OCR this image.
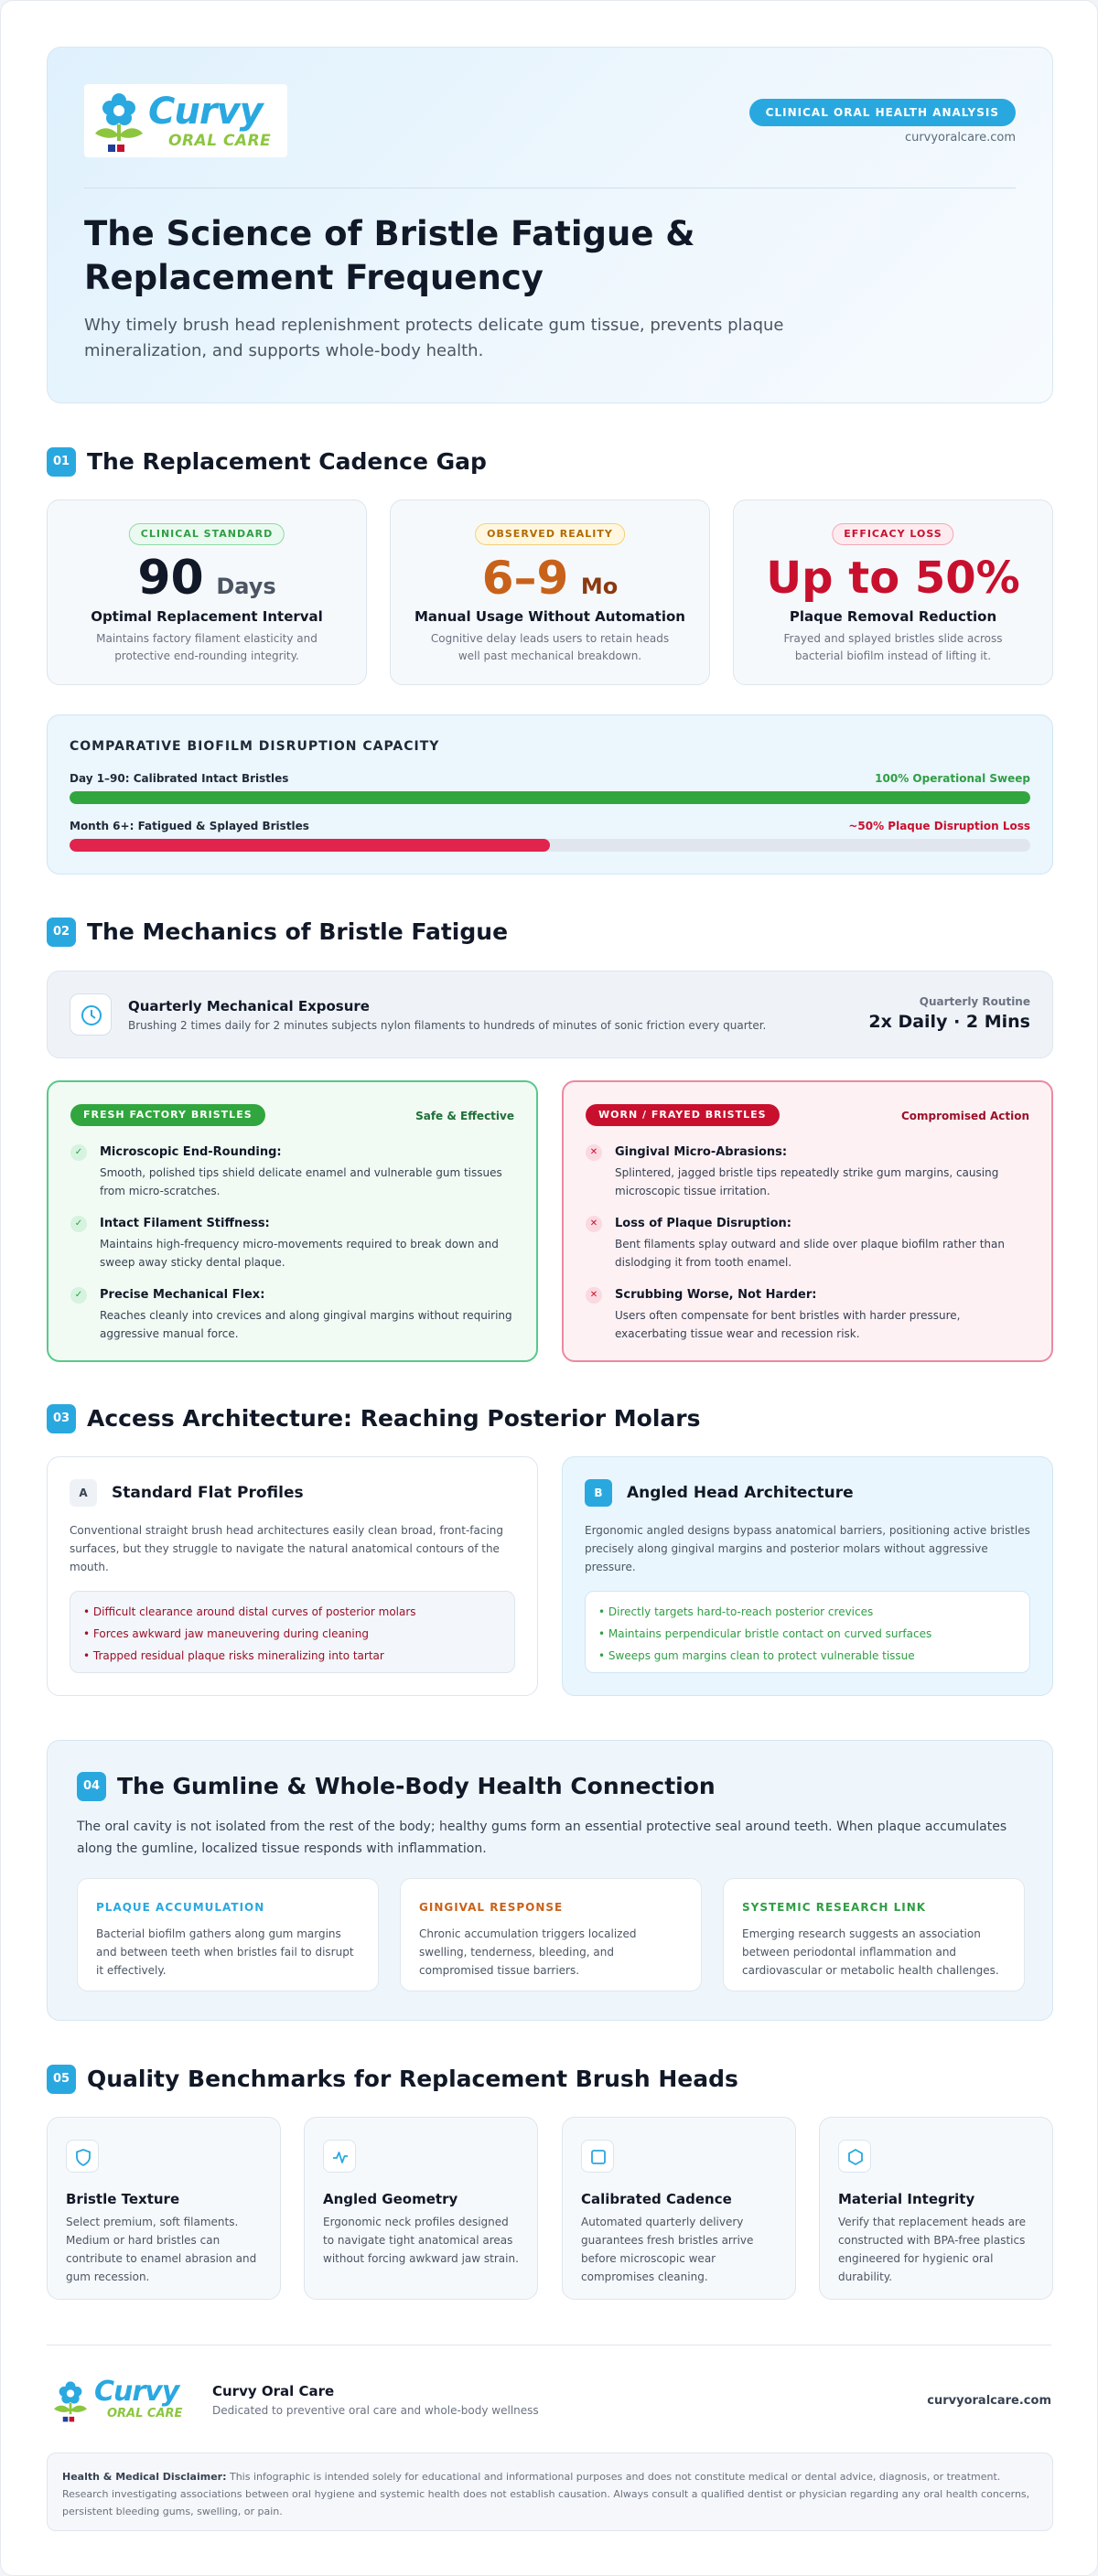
Curvy
ORAL CARE
CLINICAL ORAL HEALTH ANALYSIS
curvyoralcare.com
The Science of Bristle Fatigue & Replacement Frequency
Why timely brush head replenishment protects delicate gum tissue, prevents plaque mineralization, and supports whole-body health.
01 The Replacement Cadence Gap
CLINICAL STANDARD
90 Days
Optimal Replacement Interval
Maintains factory filament elasticity and protective end-rounding integrity.
OBSERVED REALITY
6–9 Mo
Manual Usage Without Automation
Cognitive delay leads users to retain heads well past mechanical breakdown.
EFFICACY LOSS
Up to 50%
Plaque Removal Reduction
Frayed and splayed bristles slide across bacterial biofilm instead of lifting it.
COMPARATIVE BIOFILM DISRUPTION CAPACITY
Day 1–90: Calibrated Intact Bristles	100% Operational Sweep
Month 6+: Fatigued & Splayed Bristles	~50% Plaque Disruption Loss
02 The Mechanics of Bristle Fatigue
Quarterly Mechanical Exposure
Brushing 2 times daily for 2 minutes subjects nylon filaments to hundreds of minutes of sonic friction every quarter.
Quarterly Routine
2x Daily · 2 Mins
FRESH FACTORY BRISTLES	Safe & Effective
✓	Microscopic End-Rounding:
Smooth, polished tips shield delicate enamel and vulnerable gum tissues from micro-scratches.
✓	Intact Filament Stiffness:
Maintains high-frequency micro-movements required to break down and sweep away sticky dental plaque.
✓	Precise Mechanical Flex:
Reaches cleanly into crevices and along gingival margins without requiring aggressive manual force.
WORN / FRAYED BRISTLES	Compromised Action
✕	Gingival Micro-Abrasions:
Splintered, jagged bristle tips repeatedly strike gum margins, causing microscopic tissue irritation.
✕	Loss of Plaque Disruption:
Bent filaments splay outward and slide over plaque biofilm rather than dislodging it from tooth enamel.
✕	Scrubbing Worse, Not Harder:
Users often compensate for bent bristles with harder pressure, exacerbating tissue wear and recession risk.
03 Access Architecture: Reaching Posterior Molars
A	Standard Flat Profiles
Conventional straight brush head architectures easily clean broad, front-facing surfaces, but they struggle to navigate the natural anatomical contours of the mouth.
• Difficult clearance around distal curves of posterior molars
• Forces awkward jaw maneuvering during cleaning
• Trapped residual plaque risks mineralizing into tartar
B	Angled Head Architecture
Ergonomic angled designs bypass anatomical barriers, positioning active bristles precisely along gingival margins and posterior molars without aggressive pressure.
• Directly targets hard-to-reach posterior crevices
• Maintains perpendicular bristle contact on curved surfaces
• Sweeps gum margins clean to protect vulnerable tissue
04 The Gumline & Whole-Body Health Connection
The oral cavity is not isolated from the rest of the body; healthy gums form an essential protective seal around teeth. When plaque accumulates along the gumline, localized tissue responds with inflammation.
PLAQUE ACCUMULATION
Bacterial biofilm gathers along gum margins and between teeth when bristles fail to disrupt it effectively.
GINGIVAL RESPONSE
Chronic accumulation triggers localized swelling, tenderness, bleeding, and compromised tissue barriers.
SYSTEMIC RESEARCH LINK
Emerging research suggests an association between periodontal inflammation and cardiovascular or metabolic health challenges.
05 Quality Benchmarks for Replacement Brush Heads
Bristle Texture
Select premium, soft filaments. Medium or hard bristles can contribute to enamel abrasion and gum recession.
Angled Geometry
Ergonomic neck profiles designed to navigate tight anatomical areas without forcing awkward jaw strain.
Calibrated Cadence
Automated quarterly delivery guarantees fresh bristles arrive before microscopic wear compromises cleaning.
Material Integrity
Verify that replacement heads are constructed with BPA-free plastics engineered for hygienic oral durability.
Curvy
ORAL CARE
Curvy Oral Care
Dedicated to preventive oral care and whole-body wellness
curvyoralcare.com
Health & Medical Disclaimer: This infographic is intended solely for educational and informational purposes and does not constitute medical or dental advice, diagnosis, or treatment. Research investigating associations between oral hygiene and systemic health does not establish causation. Always consult a qualified dentist or physician regarding any oral health concerns, persistent bleeding gums, swelling, or pain.
